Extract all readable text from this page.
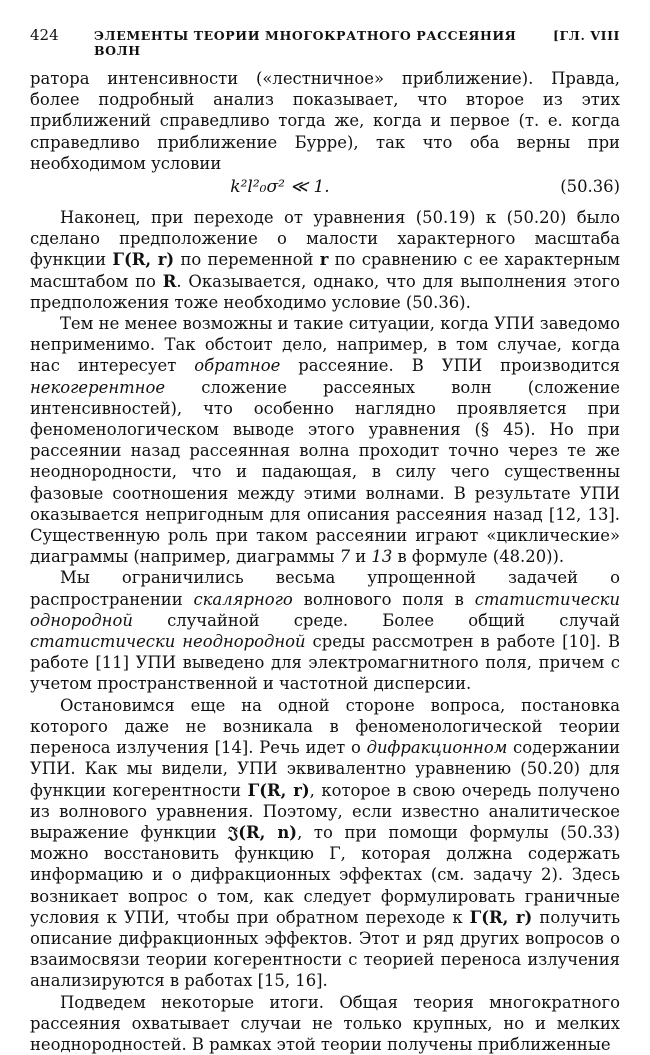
424	ЭЛЕМЕНТЫ ТЕОРИИ МНОГОКРАТНОГО РАССЕЯНИЯ ВОЛН
[ГЛ. VIII

ратора интенсивности («лестничное» приближение). Правда, более подробный анализ показывает, что второе из этих приближений справедливо тогда же, когда и первое (т. е. когда справедливо приближение Бурре), так что оба верны при необходимом условии

k²l²₀σ² ≪ 1.	(50.36)

Наконец, при переходе от уравнения (50.19) к (50.20) было сделано предположение о малости характерного масштаба функции Γ(R, r) по переменной r по сравнению с ее характерным масштабом по R. Оказывается, однако, что для выполнения этого предположения тоже необходимо условие (50.36).

Тем не менее возможны и такие ситуации, когда УПИ заведомо неприменимо. Так обстоит дело, например, в том случае, когда нас интересует обратное рассеяние. В УПИ производится некогерентное сложение рассеяных волн (сложение интенсивностей), что особенно наглядно проявляется при феноменологическом выводе этого уравнения (§ 45). Но при рассеянии назад рассеянная волна проходит точно через те же неоднородности, что и падающая, в силу чего существенны фазовые соотношения между этими волнами. В результате УПИ оказывается непригодным для описания рассеяния назад [12, 13]. Существенную роль при таком рассеянии играют «циклические» диаграммы (например, диаграммы 7 и 13 в формуле (48.20)).

Мы ограничились весьма упрощенной задачей о распространении скалярного волнового поля в статистически однородной случайной среде. Более общий случай статистически неоднородной среды рассмотрен в работе [10]. В работе [11] УПИ выведено для электромагнитного поля, причем с учетом пространственной и частотной дисперсии.

Остановимся еще на одной стороне вопроса, постановка которого даже не возникала в феноменологической теории переноса излучения [14]. Речь идет о дифракционном содержании УПИ. Как мы видели, УПИ эквивалентно уравнению (50.20) для функции когерентности Γ(R, r), которое в свою очередь получено из волнового уравнения. Поэтому, если известно аналитическое выражение функции 𝔍(R, n), то при помощи формулы (50.33) можно восстановить функцию Γ, которая должна содержать информацию и о дифракционных эффектах (см. задачу 2). Здесь возникает вопрос о том, как следует формулировать граничные условия к УПИ, чтобы при обратном переходе к Γ(R, r) получить описание дифракционных эффектов. Этот и ряд других вопросов о взаимосвязи теории когерентности с теорией переноса излучения анализируются в работах [15, 16].

Подведем некоторые итоги. Общая теория многократного рассеяния охватывает случаи не только крупных, но и мелких неоднородностей. В рамках этой теории получены приближенные
